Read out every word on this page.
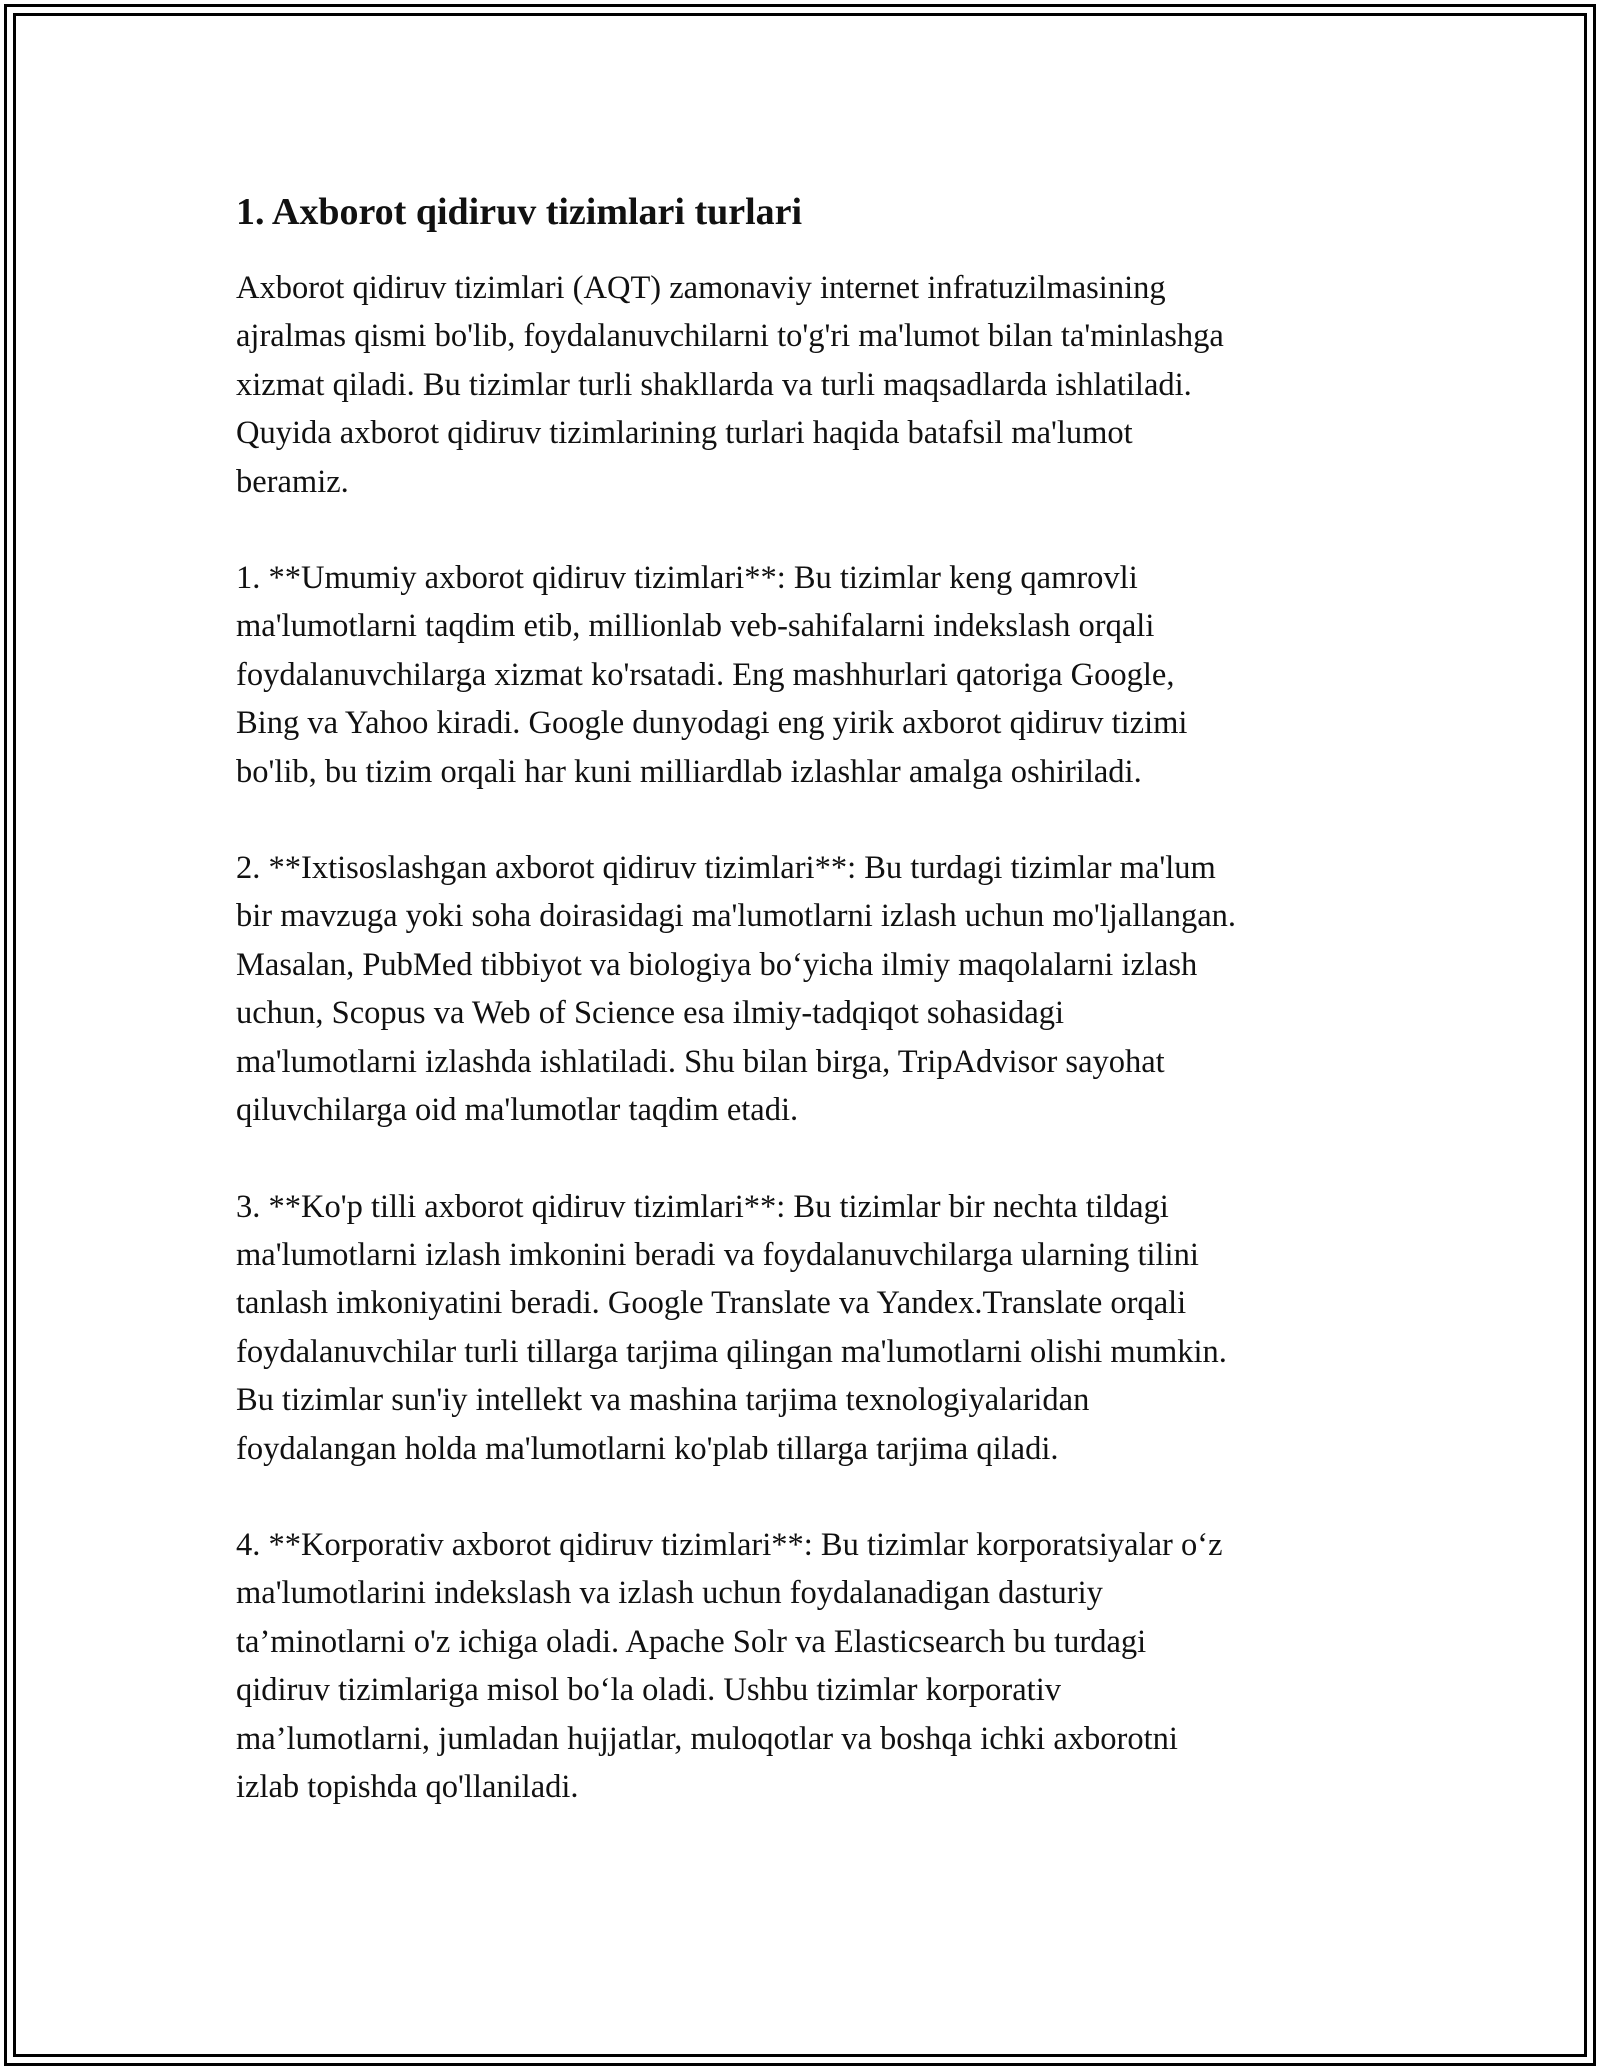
1. Axborot qidiruv tizimlari turlari

Axborot qidiruv tizimlari (AQT) zamonaviy internet infratuzilmasining
ajralmas qismi bo'lib, foydalanuvchilarni to'g'ri ma'lumot bilan ta'minlashga
xizmat qiladi. Bu tizimlar turli shakllarda va turli maqsadlarda ishlatiladi.
Quyida axborot qidiruv tizimlarining turlari haqida batafsil ma'lumot
beramiz.

1. **Umumiy axborot qidiruv tizimlari**: Bu tizimlar keng qamrovli
ma'lumotlarni taqdim etib, millionlab veb-sahifalarni indekslash orqali
foydalanuvchilarga xizmat ko'rsatadi. Eng mashhurlari qatoriga Google,
Bing va Yahoo kiradi. Google dunyodagi eng yirik axborot qidiruv tizimi
bo'lib, bu tizim orqali har kuni milliardlab izlashlar amalga oshiriladi.

2. **Ixtisoslashgan axborot qidiruv tizimlari**: Bu turdagi tizimlar ma'lum
bir mavzuga yoki soha doirasidagi ma'lumotlarni izlash uchun mo'ljallangan.
Masalan, PubMed tibbiyot va biologiya bo‘yicha ilmiy maqolalarni izlash
uchun, Scopus va Web of Science esa ilmiy-tadqiqot sohasidagi
ma'lumotlarni izlashda ishlatiladi. Shu bilan birga, TripAdvisor sayohat
qiluvchilarga oid ma'lumotlar taqdim etadi.

3. **Ko'p tilli axborot qidiruv tizimlari**: Bu tizimlar bir nechta tildagi
ma'lumotlarni izlash imkonini beradi va foydalanuvchilarga ularning tilini
tanlash imkoniyatini beradi. Google Translate va Yandex.Translate orqali
foydalanuvchilar turli tillarga tarjima qilingan ma'lumotlarni olishi mumkin.
Bu tizimlar sun'iy intellekt va mashina tarjima texnologiyalaridan
foydalangan holda ma'lumotlarni ko'plab tillarga tarjima qiladi.

4. **Korporativ axborot qidiruv tizimlari**: Bu tizimlar korporatsiyalar o‘z
ma'lumotlarini indekslash va izlash uchun foydalanadigan dasturiy
ta’minotlarni o'z ichiga oladi. Apache Solr va Elasticsearch bu turdagi
qidiruv tizimlariga misol bo‘la oladi. Ushbu tizimlar korporativ
ma’lumotlarni, jumladan hujjatlar, muloqotlar va boshqa ichki axborotni
izlab topishda qo'llaniladi.
